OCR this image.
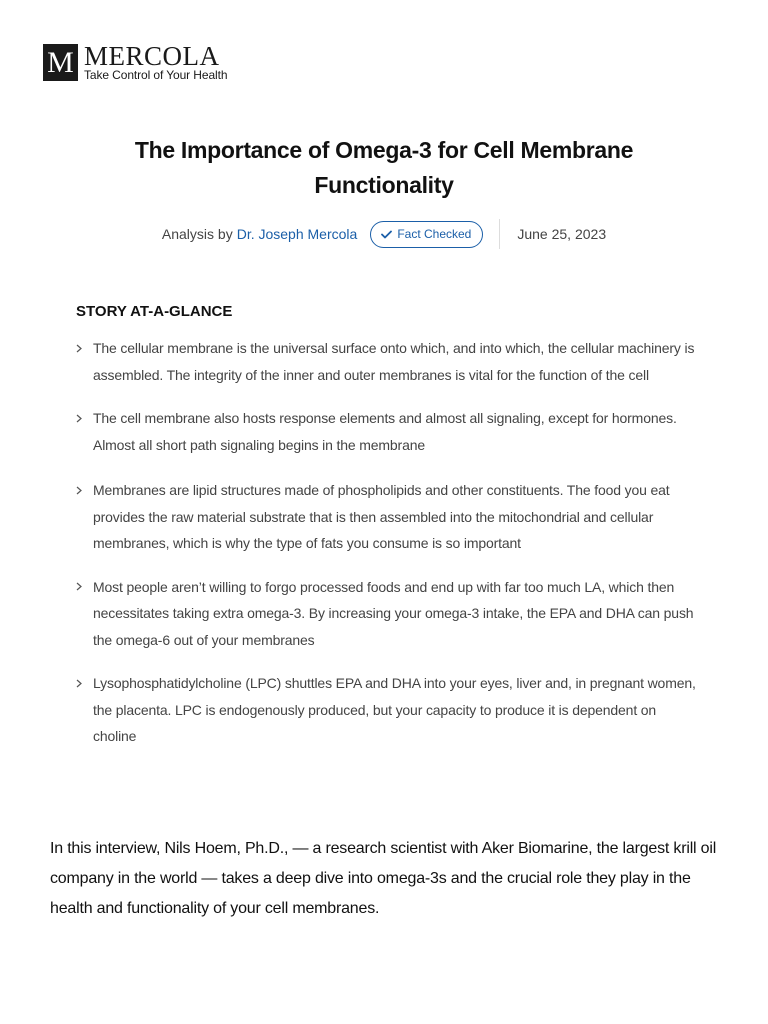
M MERCOLA
Take Control of Your Health
The Importance of Omega-3 for Cell Membrane Functionality
Analysis by Dr. Joseph Mercola	Fact Checked	June 25, 2023
STORY AT-A-GLANCE
The cellular membrane is the universal surface onto which, and into which, the cellular machinery is assembled. The integrity of the inner and outer membranes is vital for the function of the cell
The cell membrane also hosts response elements and almost all signaling, except for hormones. Almost all short path signaling begins in the membrane
Membranes are lipid structures made of phospholipids and other constituents. The food you eat provides the raw material substrate that is then assembled into the mitochondrial and cellular membranes, which is why the type of fats you consume is so important
Most people aren’t willing to forgo processed foods and end up with far too much LA, which then necessitates taking extra omega-3. By increasing your omega-3 intake, the EPA and DHA can push the omega-6 out of your membranes
Lysophosphatidylcholine (LPC) shuttles EPA and DHA into your eyes, liver and, in pregnant women, the placenta. LPC is endogenously produced, but your capacity to produce it is dependent on choline

In this interview, Nils Hoem, Ph.D., — a research scientist with Aker Biomarine, the largest krill oil company in the world — takes a deep dive into omega-3s and the crucial role they play in the health and functionality of your cell membranes.
